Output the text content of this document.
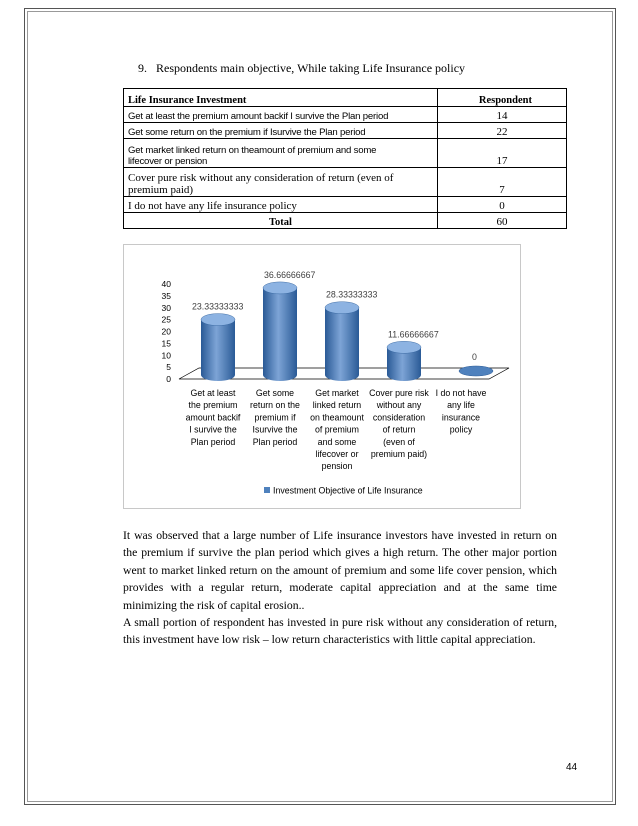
9. Respondents main objective, While taking Life Insurance policy
Life Insurance Investment	Respondent
Get at least the premium amount backif I survive the Plan period	14
Get some return on the premium if Isurvive the Plan period	22
Get market linked return on theamount of premium and some
lifecover or pension	17
Cover pure risk without any consideration of return (even of
premium paid)	7
I do not have any life insurance policy	0
Total	60
0
5
10
15
20
25
30
35
40
23.33333333
Get at least
the premium
amount backif
I survive the
Plan period
36.66666667
Get some
return on the
premium if
Isurvive the
Plan period
28.33333333
Get market
linked return
on theamount
of premium
and some
lifecover or
pension
11.66666667
Cover pure risk
without any
consideration
of return
(even of
premium paid)
0
I do not have
any life
insurance
policy
Investment Objective of Life Insurance

It was observed that a large number of Life insurance investors have invested in return on the premium if survive the plan period which gives a high return. The other major portion went to market linked return on the amount of premium and some life cover pension, which provides with a regular return, moderate capital appreciation and at the same time minimizing the risk of capital erosion..

A small portion of respondent has invested in pure risk without any consideration of return, this investment have low risk – low return characteristics with little capital appreciation.

44
